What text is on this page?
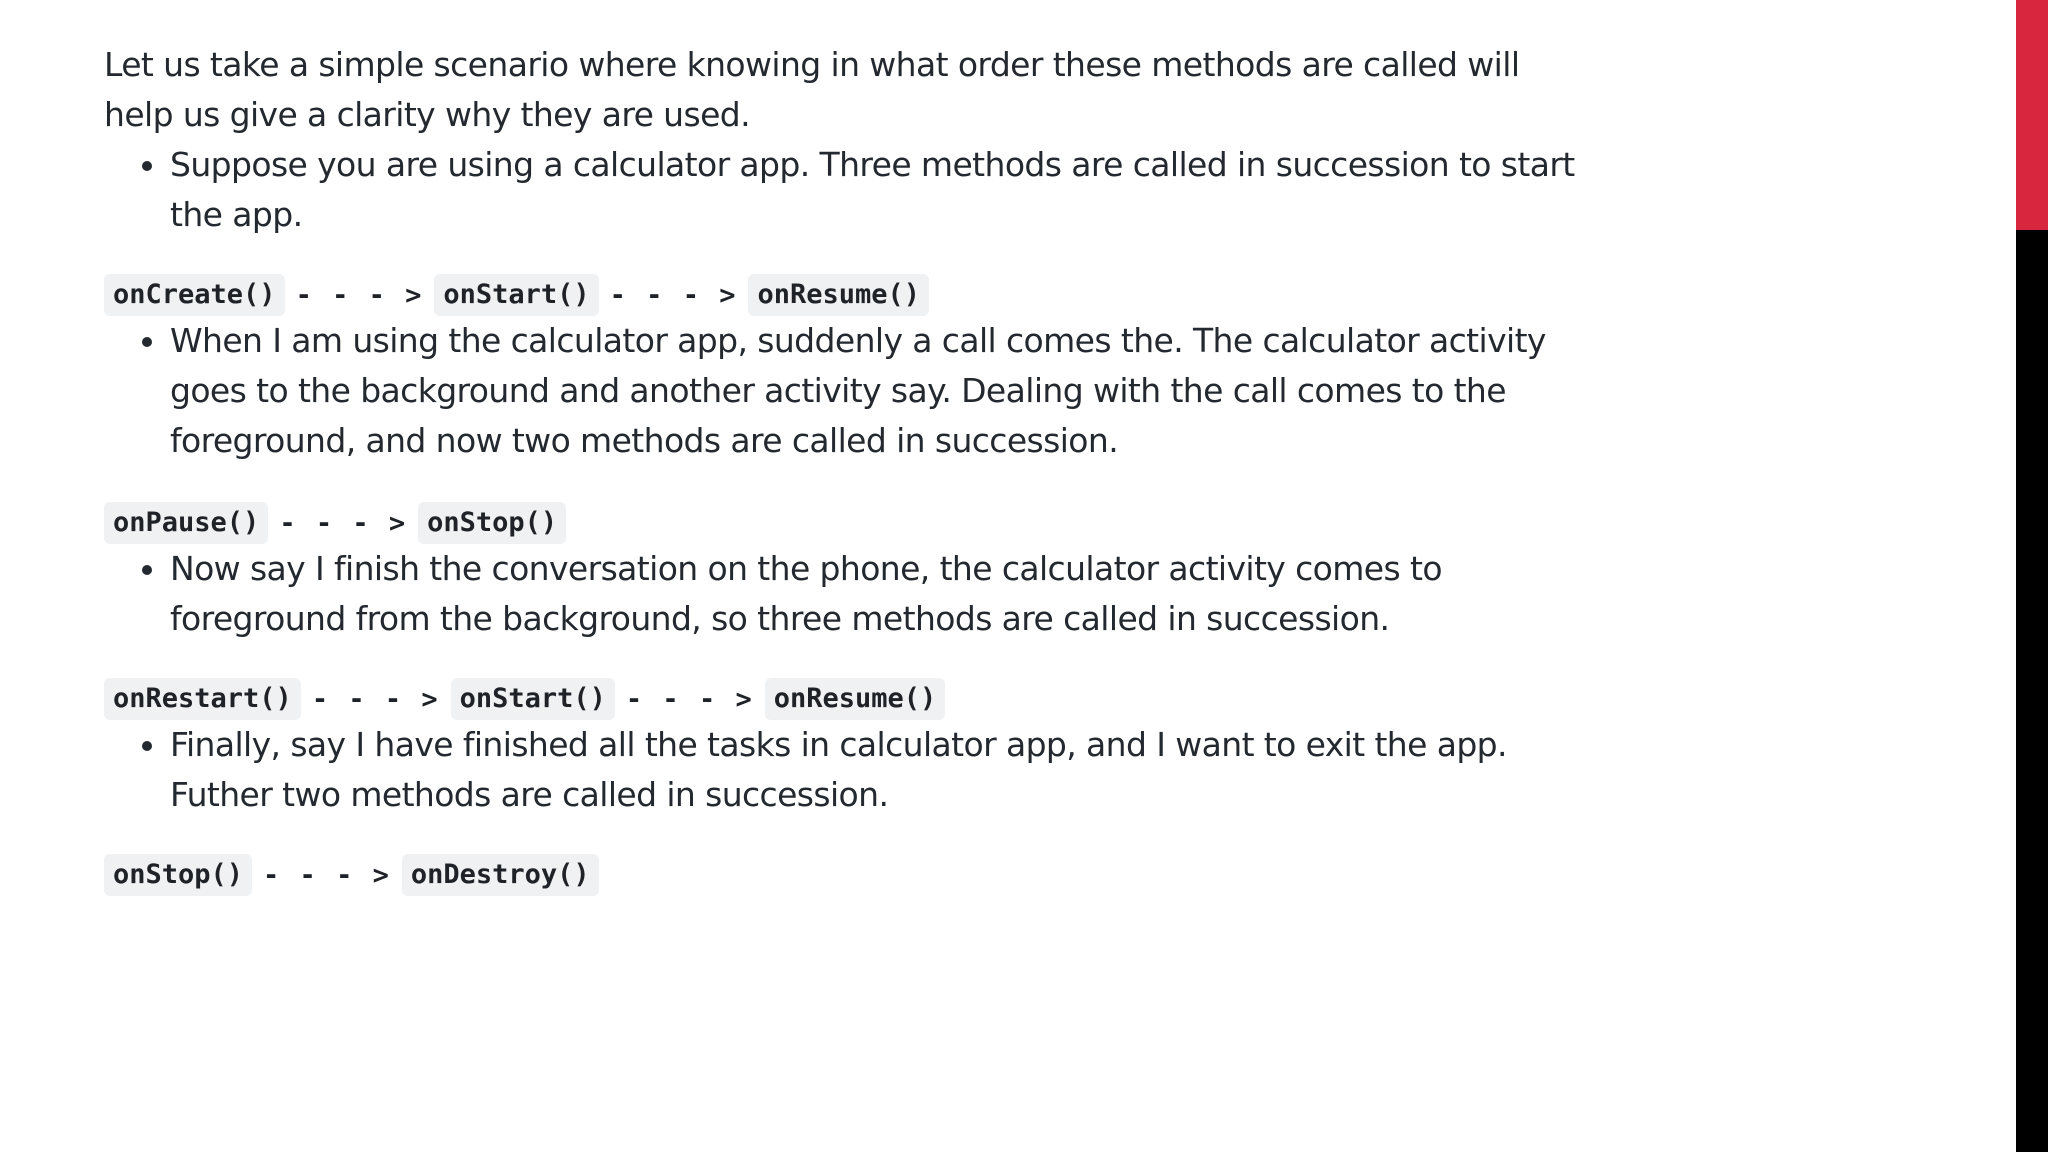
Let us take a simple scenario where knowing in what order these methods are called will help us give a clarity why they are used.

Suppose you are using a calculator app. Three methods are called in succession to start the app.
onCreate() - - - > onStart() - - - > onResume()
When I am using the calculator app, suddenly a call comes the. The calculator activity goes to the background and another activity say. Dealing with the call comes to the foreground, and now two methods are called in succession.
onPause() - - - > onStop()
Now say I finish the conversation on the phone, the calculator activity comes to foreground from the background, so three methods are called in succession.
onRestart() - - - > onStart() - - - > onResume()
Finally, say I have finished all the tasks in calculator app, and I want to exit the app. Futher two methods are called in succession.
onStop() - - - > onDestroy()
